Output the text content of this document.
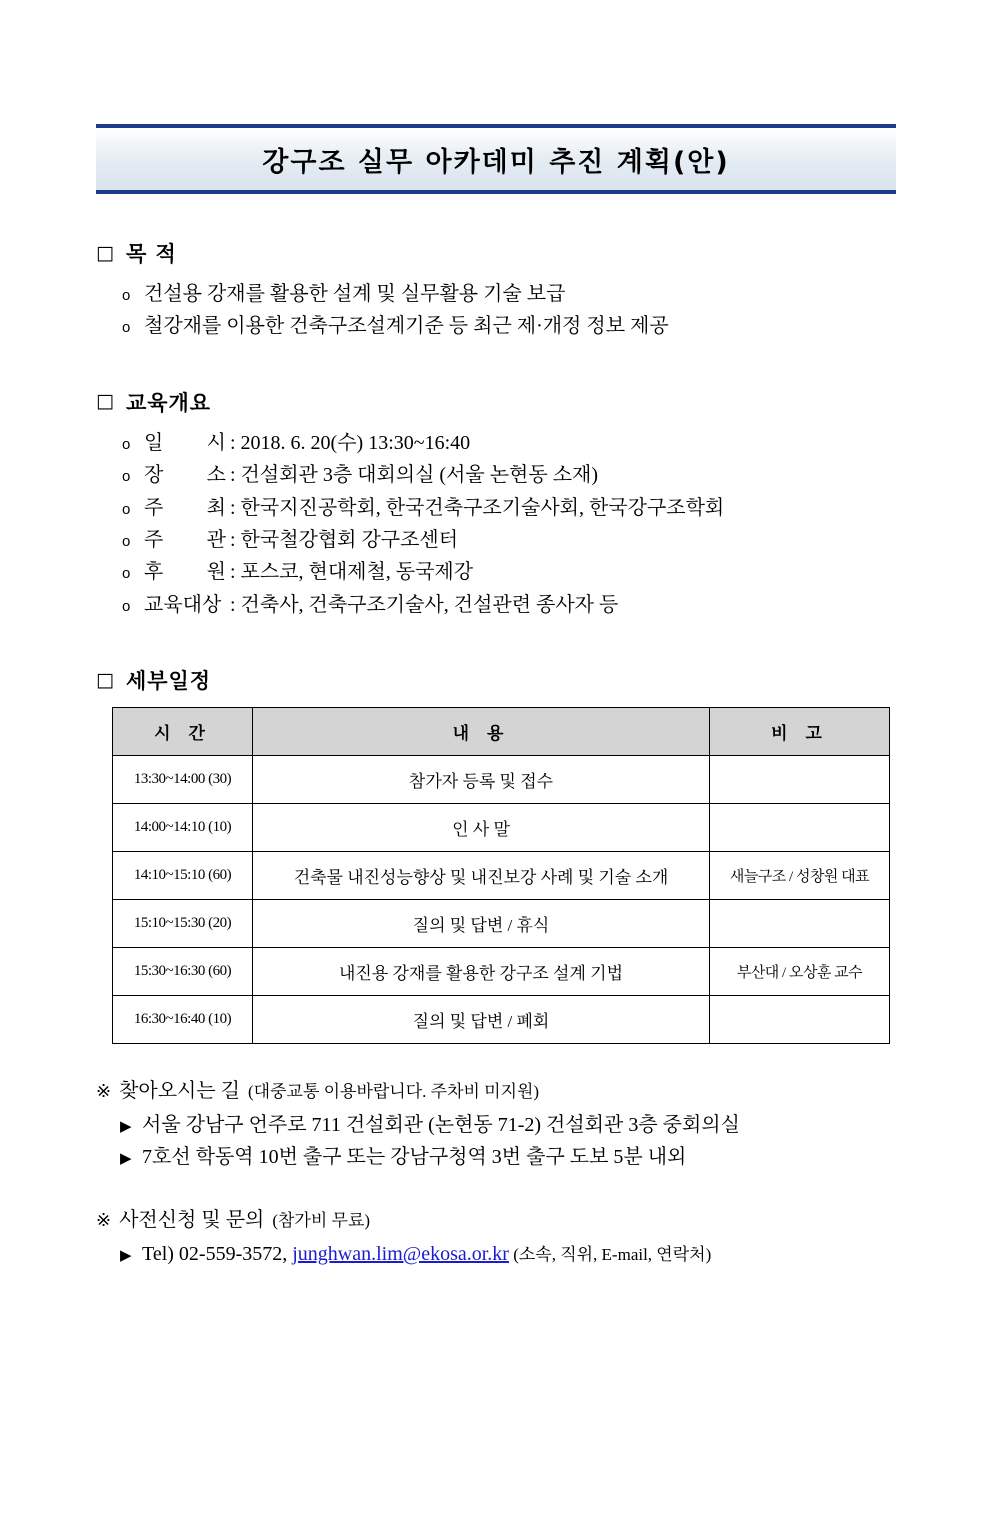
강구조 실무 아카데미 추진 계획(안)
□ 목 적
o 건설용 강재를 활용한 설계 및 실무활용 기술 보급
o 철강재를 이용한 건축구조설계기준 등 최근 제·개정 정보 제공
□ 교육개요
o 일 시 : 2018. 6. 20(수) 13:30~16:40
o 장 소 : 건설회관 3층 대회의실 (서울 논현동 소재)
o 주 최 : 한국지진공학회, 한국건축구조기술사회, 한국강구조학회
o 주 관 : 한국철강협회 강구조센터
o 후 원 : 포스코, 현대제철, 동국제강
o 교육대상 : 건축사, 건축구조기술사, 건설관련 종사자 등
□ 세부일정
시 간	내 용	비 고
13:30~14:00 (30)	참가자 등록 및 접수	
14:00~14:10 (10)	인 사 말	
14:10~15:10 (60)	건축물 내진성능향상 및 내진보강 사례 및 기술 소개	새늘구조 / 성창원 대표
15:10~15:30 (20)	질의 및 답변 / 휴식	
15:30~16:30 (60)	내진용 강재를 활용한 강구조 설계 기법	부산대 / 오상훈 교수
16:30~16:40 (10)	질의 및 답변 / 폐회	
※ 찾아오시는 길 (대중교통 이용바랍니다. 주차비 미지원)
▶ 서울 강남구 언주로 711 건설회관 (논현동 71-2) 건설회관 3층 중회의실
▶ 7호선 학동역 10번 출구 또는 강남구청역 3번 출구 도보 5분 내외
※ 사전신청 및 문의 (참가비 무료)
▶ Tel) 02-559-3572, junghwan.lim@ekosa.or.kr (소속, 직위, E-mail, 연락처)
